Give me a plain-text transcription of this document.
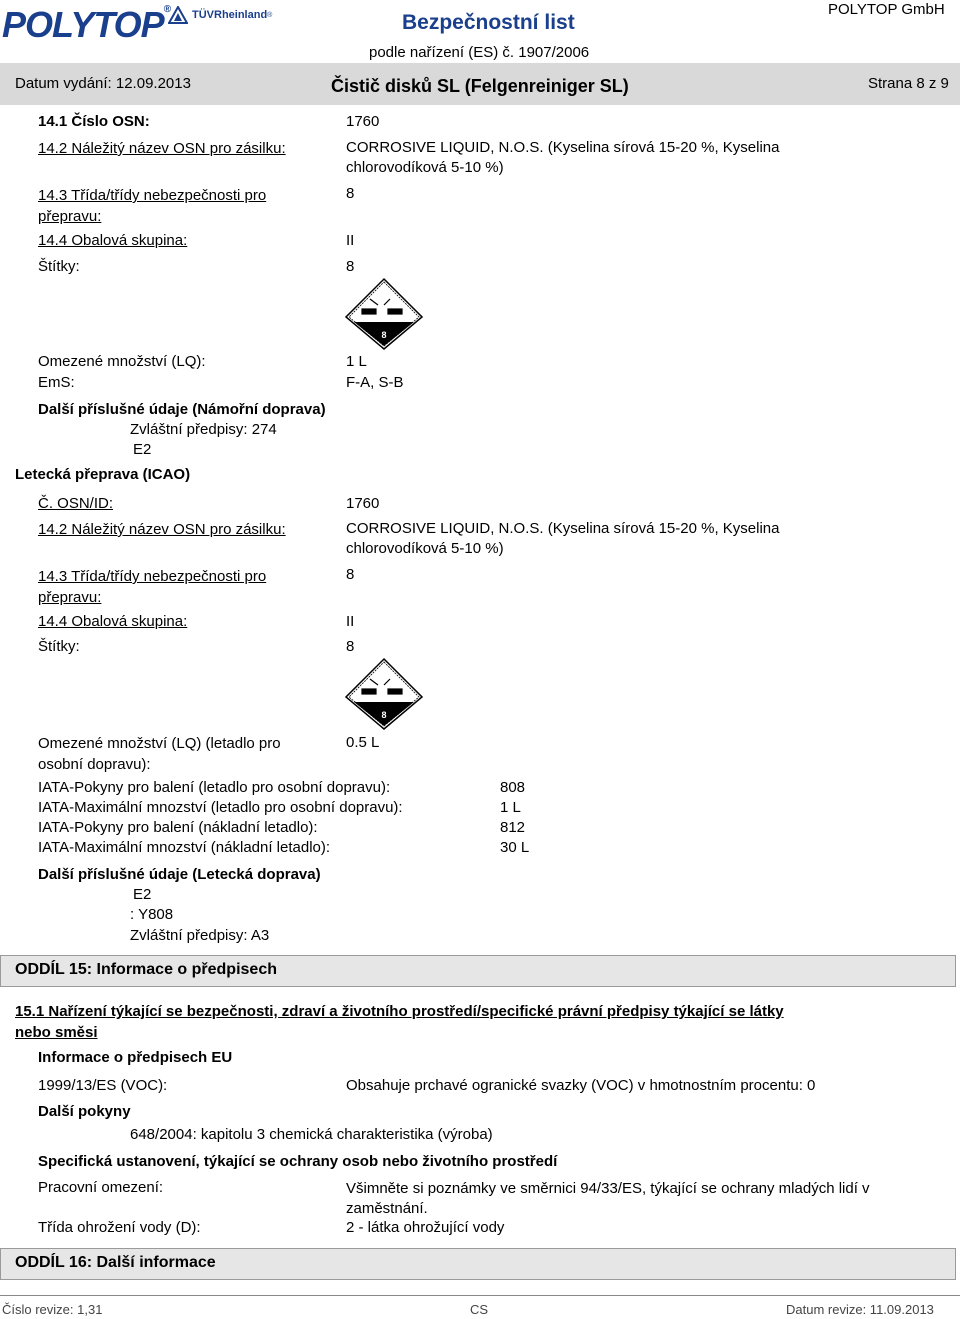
POLYTOP® TÜVRheinland ®	Bezpečnostní list
podle nařízení (ES) č. 1907/2006
POLYTOP GmbH
Datum vydání: 12.09.2013	Čistič disků SL (Felgenreiniger SL)	Strana 8 z 9
14.1 Číslo OSN:	1760
14.2 Náležitý název OSN pro zásilku:	CORROSIVE LIQUID, N.O.S. (Kyselina sírová 15-20 %, Kyselina chlorovodíková 5-10 %)
14.3 Třída/třídy nebezpečnosti pro přepravu:
8
14.4 Obalová skupina:	II
Štítky:	8
8
Omezené množství (LQ):	1 L
EmS:	F-A, S-B
Další příslušné údaje (Námořní doprava)
Zvláštní předpisy: 274
E2
Letecká přeprava (ICAO)
Č. OSN/ID:	1760
14.2 Náležitý název OSN pro zásilku:	CORROSIVE LIQUID, N.O.S. (Kyselina sírová 15-20 %, Kyselina chlorovodíková 5-10 %)
14.3 Třída/třídy nebezpečnosti pro přepravu:
8
14.4 Obalová skupina:	II
Štítky:	8
8
Omezené množství (LQ) (letadlo pro osobní dopravu):
0.5 L
IATA-Pokyny pro balení (letadlo pro osobní dopravu):	808
IATA-Maximální mnozství (letadlo pro osobní dopravu):	1 L
IATA-Pokyny pro balení (nákladní letadlo):	812
IATA-Maximální mnozství (nákladní letadlo):	30 L
Další příslušné údaje (Letecká doprava)
E2
: Y808
Zvláštní předpisy: A3
ODDÍL 15: Informace o předpisech
15.1 Nařízení týkající se bezpečnosti, zdraví a životního prostředí/specifické právní předpisy týkající se látky nebo směsi
Informace o předpisech EU
1999/13/ES (VOC):	Obsahuje prchavé ogranické svazky (VOC) v hmotnostním procentu: 0
Další pokyny
648/2004: kapitolu 3 chemická charakteristika (výroba)
Specifická ustanovení, týkající se ochrany osob nebo životního prostředí
Pracovní omezení:	Všimněte si poznámky ve směrnici 94/33/ES, týkající se ochrany mladých lidí v zaměstnání.
Třída ohrožení vody (D):	2 - látka ohrožující vody
ODDÍL 16: Další informace
Číslo revize: 1,31	CS	Datum revize: 11.09.2013
